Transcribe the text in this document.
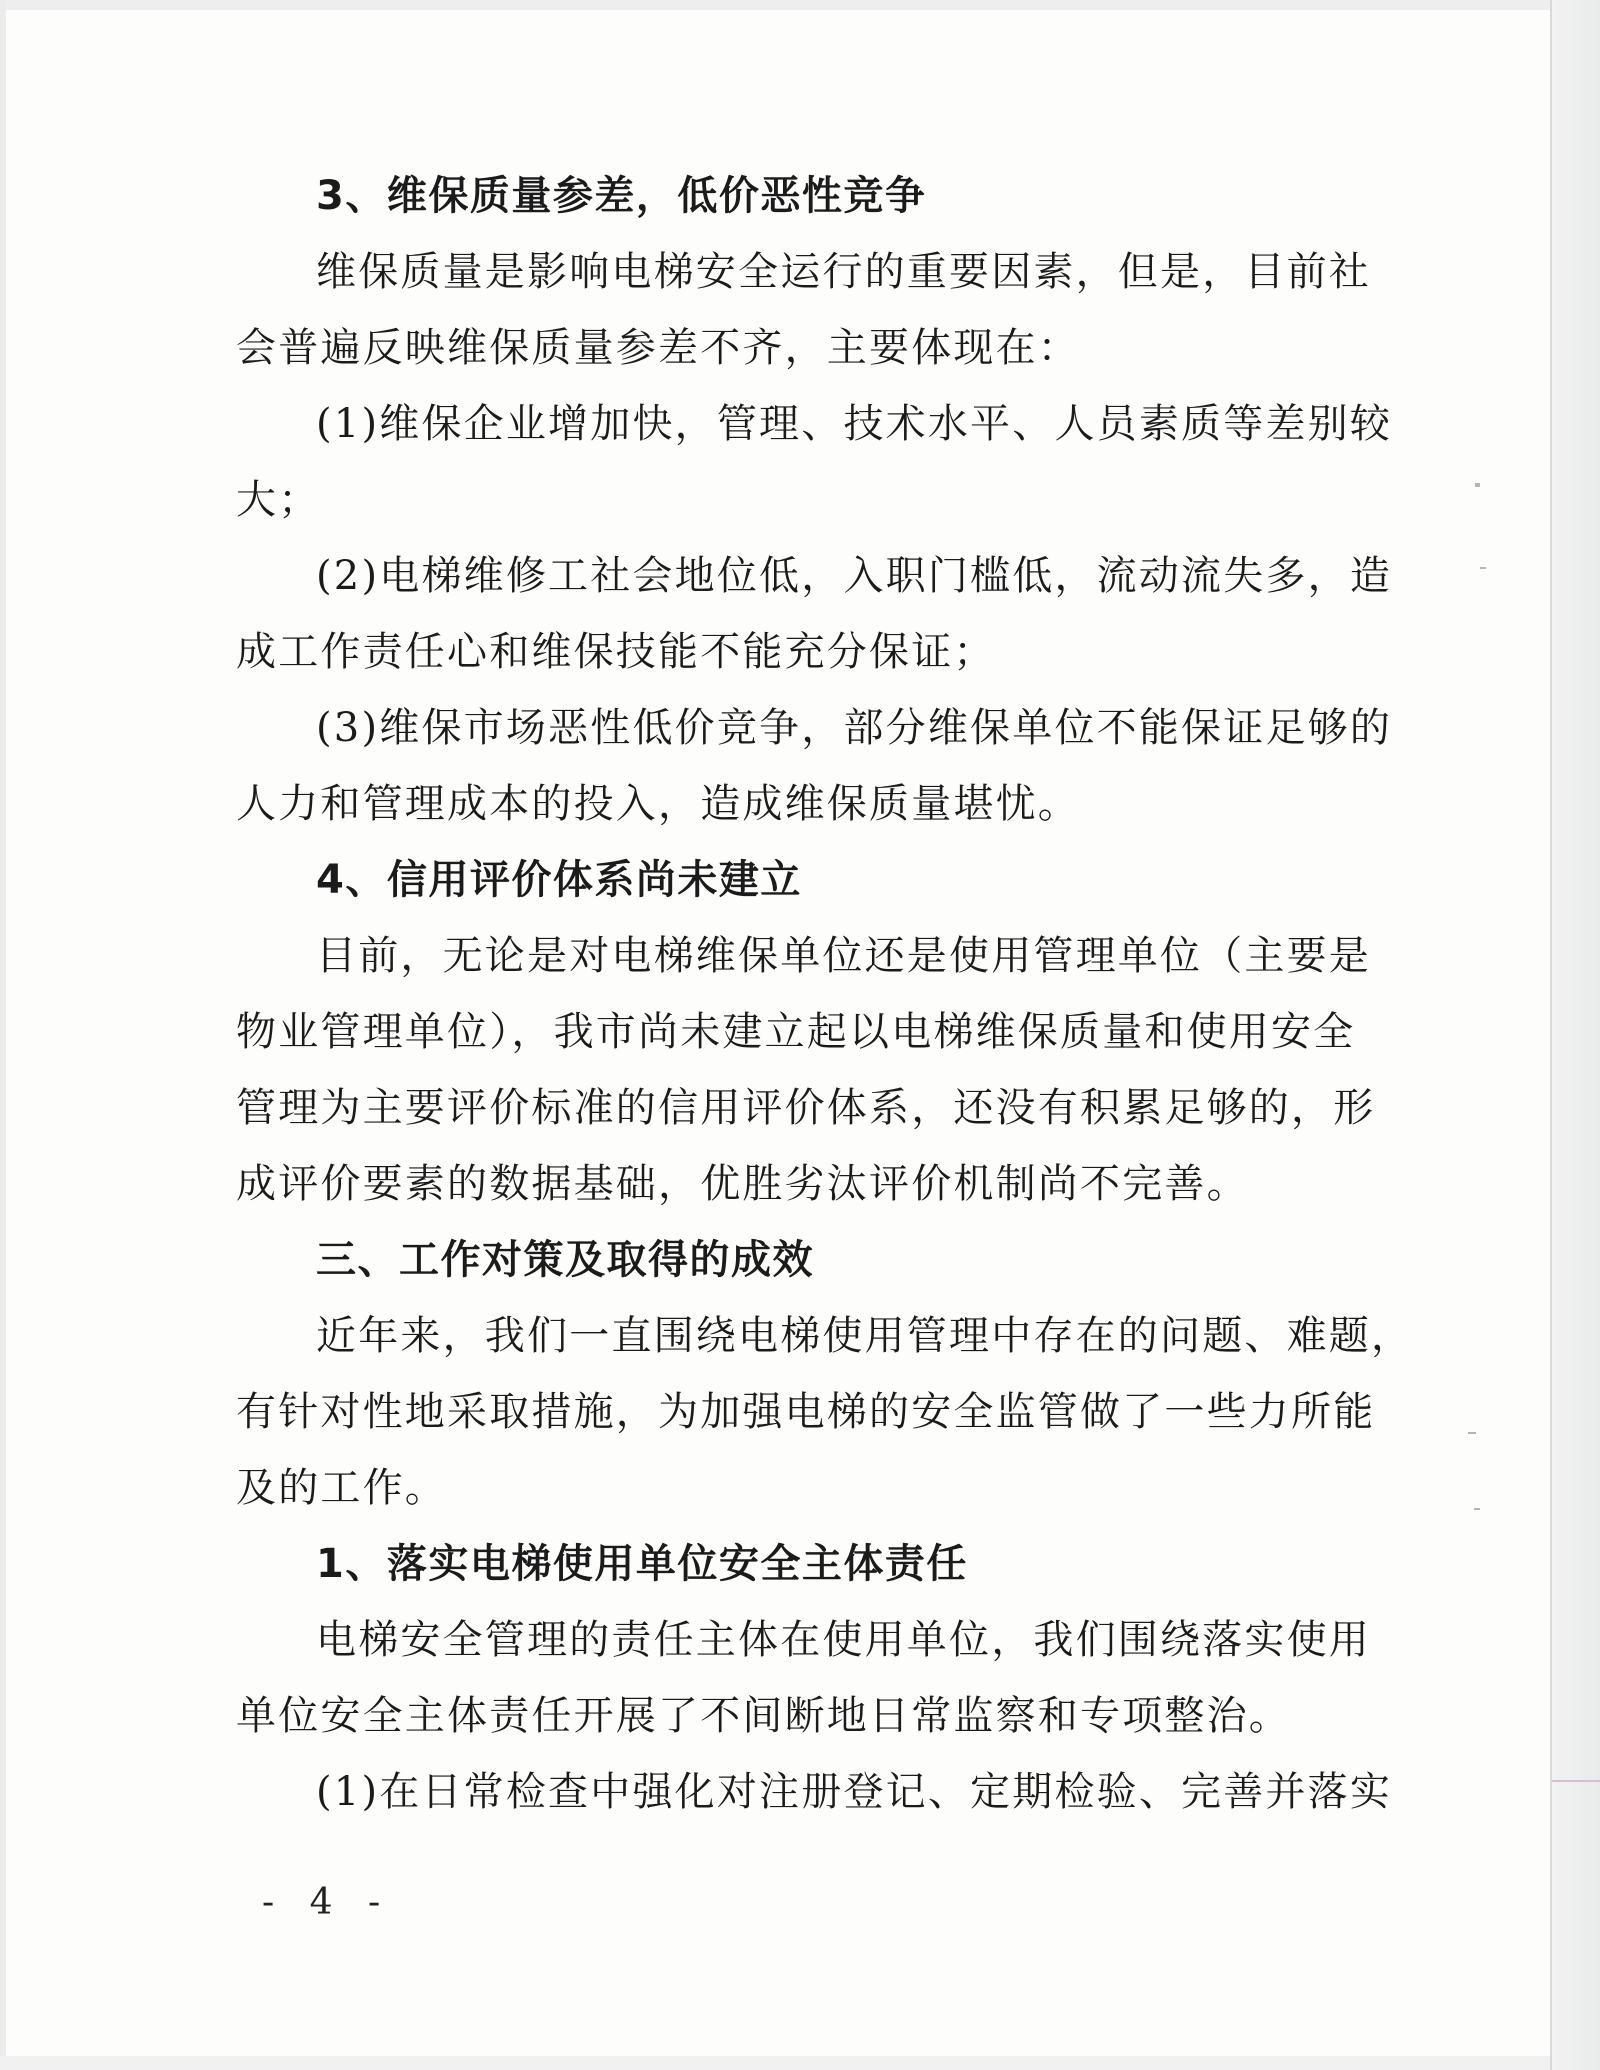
3、维保质量参差，低价恶性竞争
维保质量是影响电梯安全运行的重要因素，但是，目前社
会普遍反映维保质量参差不齐，主要体现在：
(1)维保企业增加快，管理、技术水平、人员素质等差别较
大；
(2)电梯维修工社会地位低，入职门槛低，流动流失多，造
成工作责任心和维保技能不能充分保证；
(3)维保市场恶性低价竞争，部分维保单位不能保证足够的
人力和管理成本的投入，造成维保质量堪忧。
4、信用评价体系尚未建立
目前，无论是对电梯维保单位还是使用管理单位（主要是
物业管理单位），我市尚未建立起以电梯维保质量和使用安全
管理为主要评价标准的信用评价体系，还没有积累足够的，形
成评价要素的数据基础，优胜劣汰评价机制尚不完善。
三、工作对策及取得的成效
近年来，我们一直围绕电梯使用管理中存在的问题、难题，
有针对性地采取措施，为加强电梯的安全监管做了一些力所能
及的工作。
1、落实电梯使用单位安全主体责任
电梯安全管理的责任主体在使用单位，我们围绕落实使用
单位安全主体责任开展了不间断地日常监察和专项整治。
(1)在日常检查中强化对注册登记、定期检验、完善并落实
- 4 -
